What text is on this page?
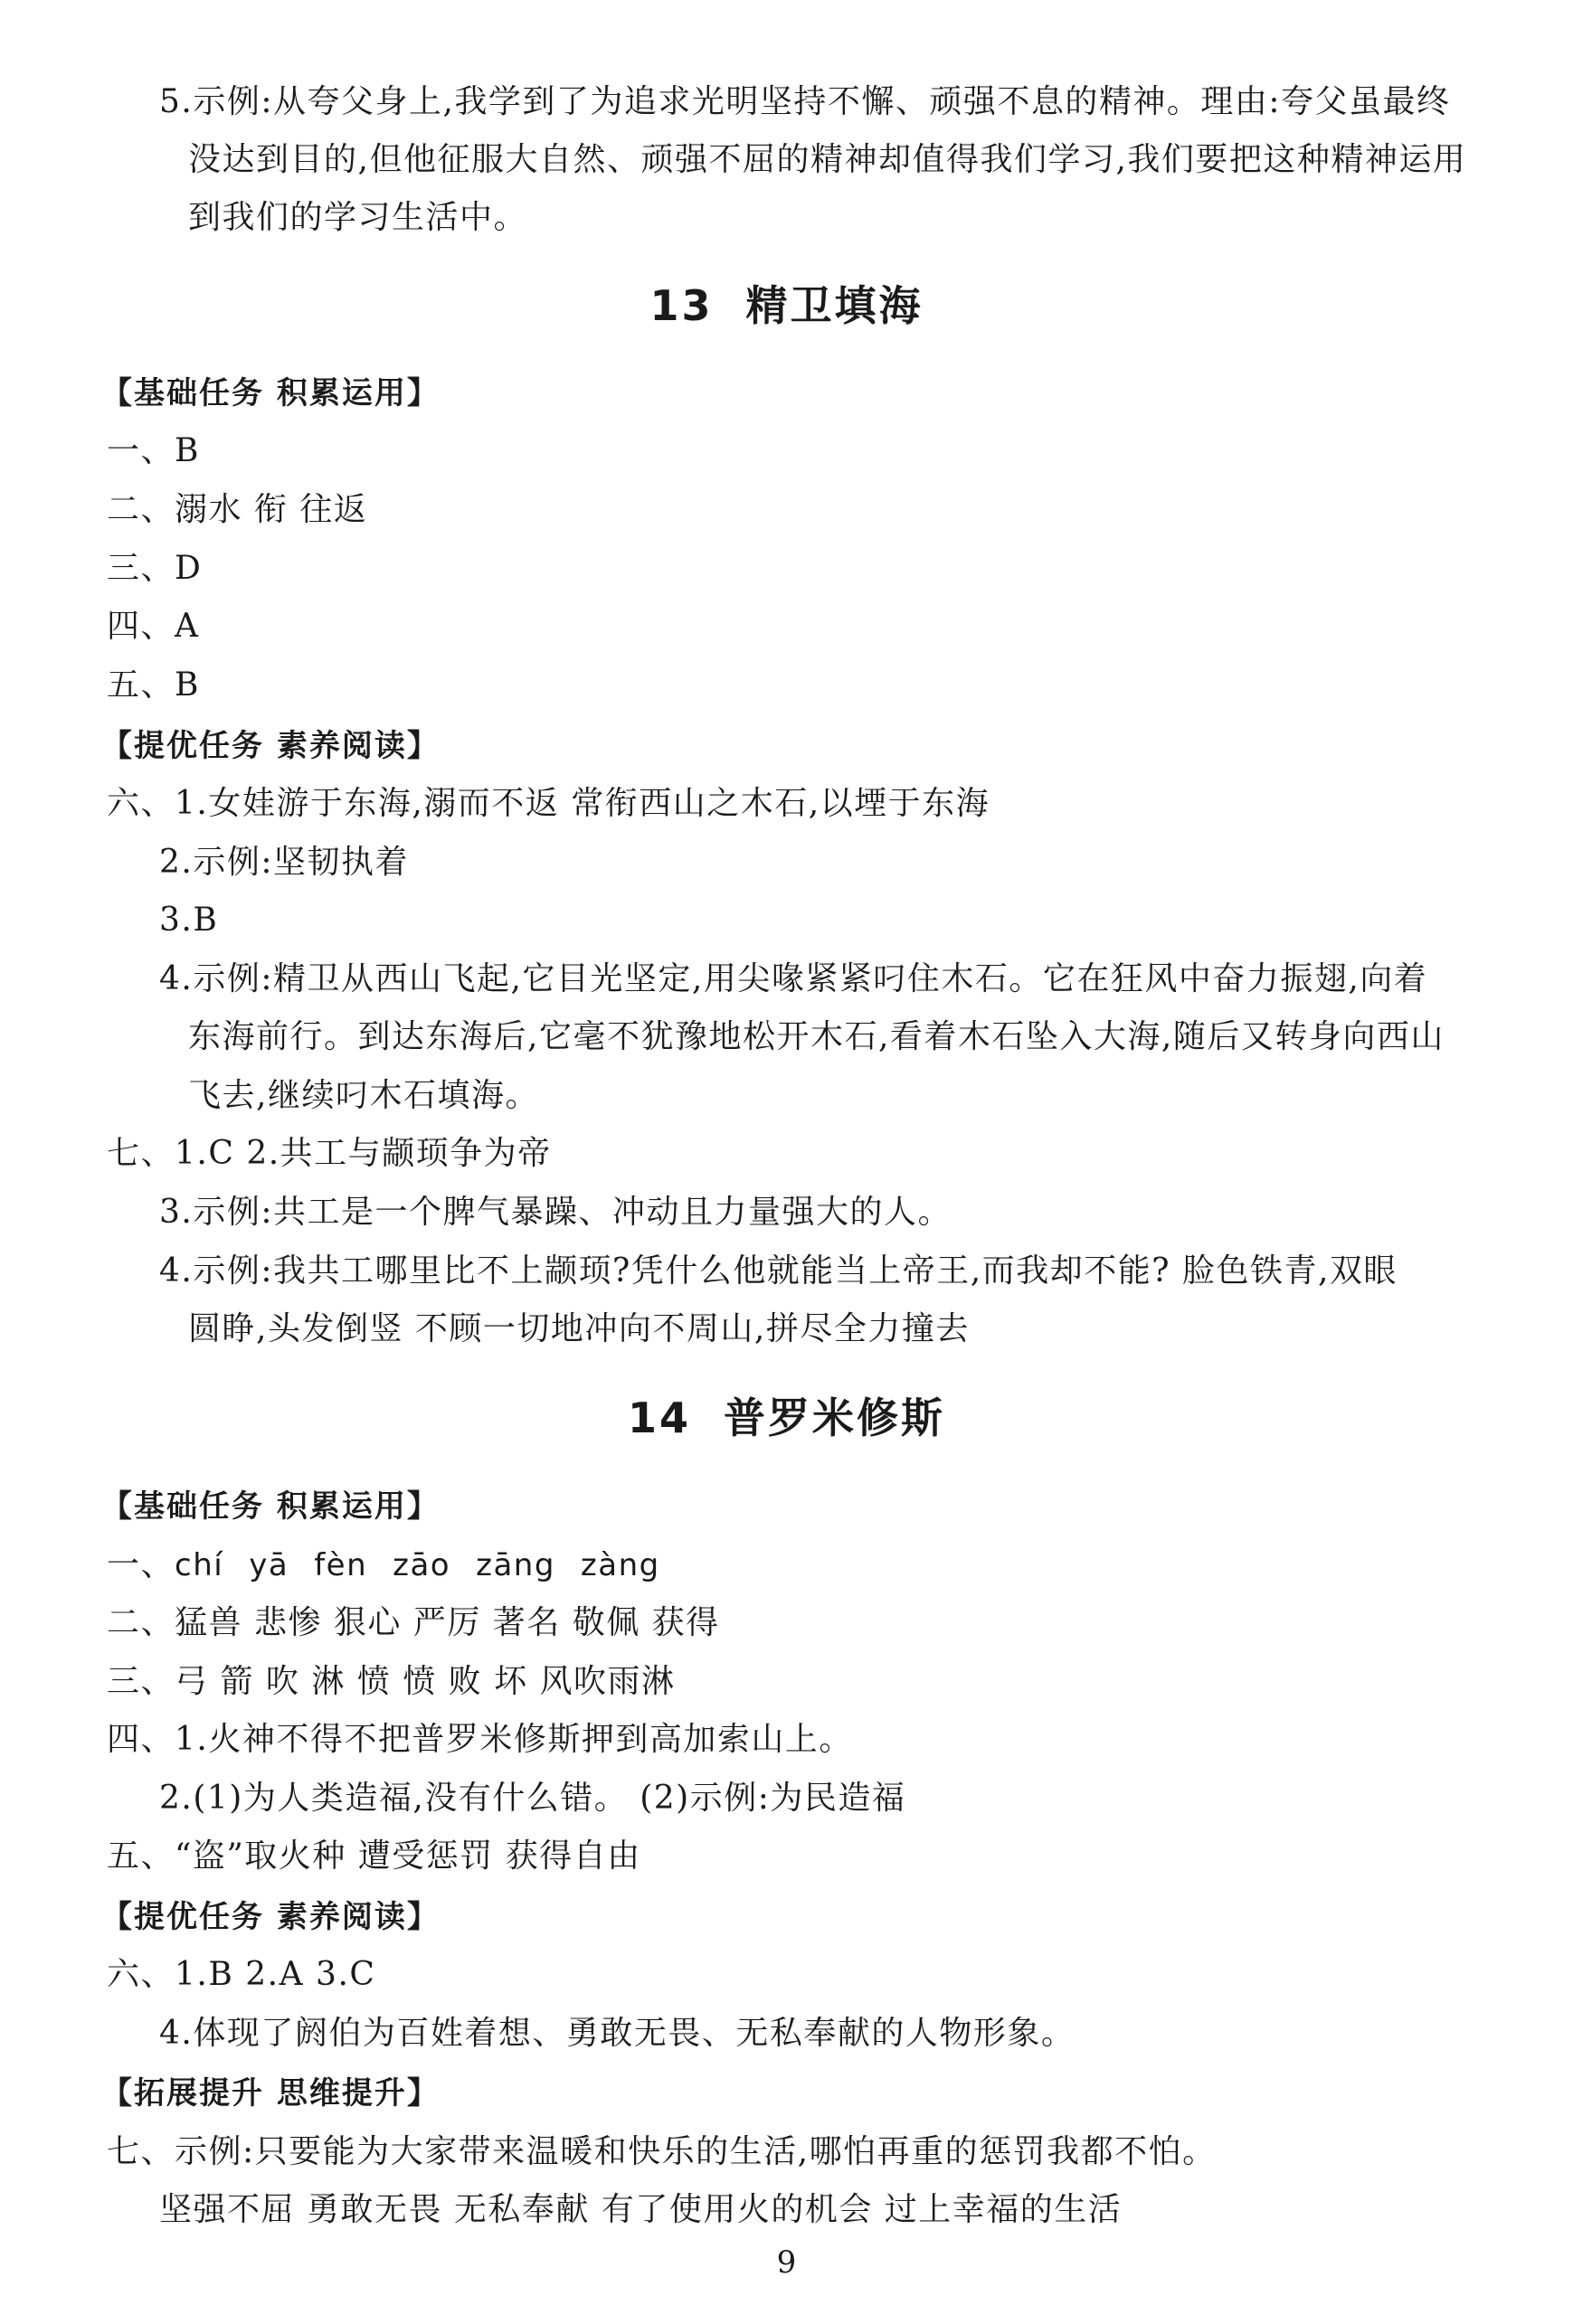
5.示例:从夸父身上,我学到了为追求光明坚持不懈、顽强不息的精神。理由:夸父虽最终

没达到目的,但他征服大自然、顽强不屈的精神却值得我们学习,我们要把这种精神运用

到我们的学习生活中。

13 精卫填海

【基础任务 积累运用】

一、B

二、溺水 衔 往返

三、D

四、A

五、B

【提优任务 素养阅读】

六、1.女娃游于东海,溺而不返 常衔西山之木石,以堙于东海

2.示例:坚韧执着

3.B

4.示例:精卫从西山飞起,它目光坚定,用尖喙紧紧叼住木石。它在狂风中奋力振翅,向着

东海前行。到达东海后,它毫不犹豫地松开木石,看着木石坠入大海,随后又转身向西山

飞去,继续叼木石填海。

七、1.C 2.共工与颛顼争为帝

3.示例:共工是一个脾气暴躁、冲动且力量强大的人。

4.示例:我共工哪里比不上颛顼?凭什么他就能当上帝王,而我却不能? 脸色铁青,双眼

圆睁,头发倒竖 不顾一切地冲向不周山,拼尽全力撞去

14 普罗米修斯

【基础任务 积累运用】

一、chí yā fèn zāo zāng zàng

二、猛兽 悲惨 狠心 严厉 著名 敬佩 获得

三、弓 箭 吹 淋 愤 愤 败 坏 风吹雨淋

四、1.火神不得不把普罗米修斯押到高加索山上。

2.(1)为人类造福,没有什么错。 (2)示例:为民造福

五、“盗”取火种 遭受惩罚 获得自由

【提优任务 素养阅读】

六、1.B 2.A 3.C

4.体现了阏伯为百姓着想、勇敢无畏、无私奉献的人物形象。

【拓展提升 思维提升】

七、示例:只要能为大家带来温暖和快乐的生活,哪怕再重的惩罚我都不怕。

坚强不屈 勇敢无畏 无私奉献 有了使用火的机会 过上幸福的生活

9
